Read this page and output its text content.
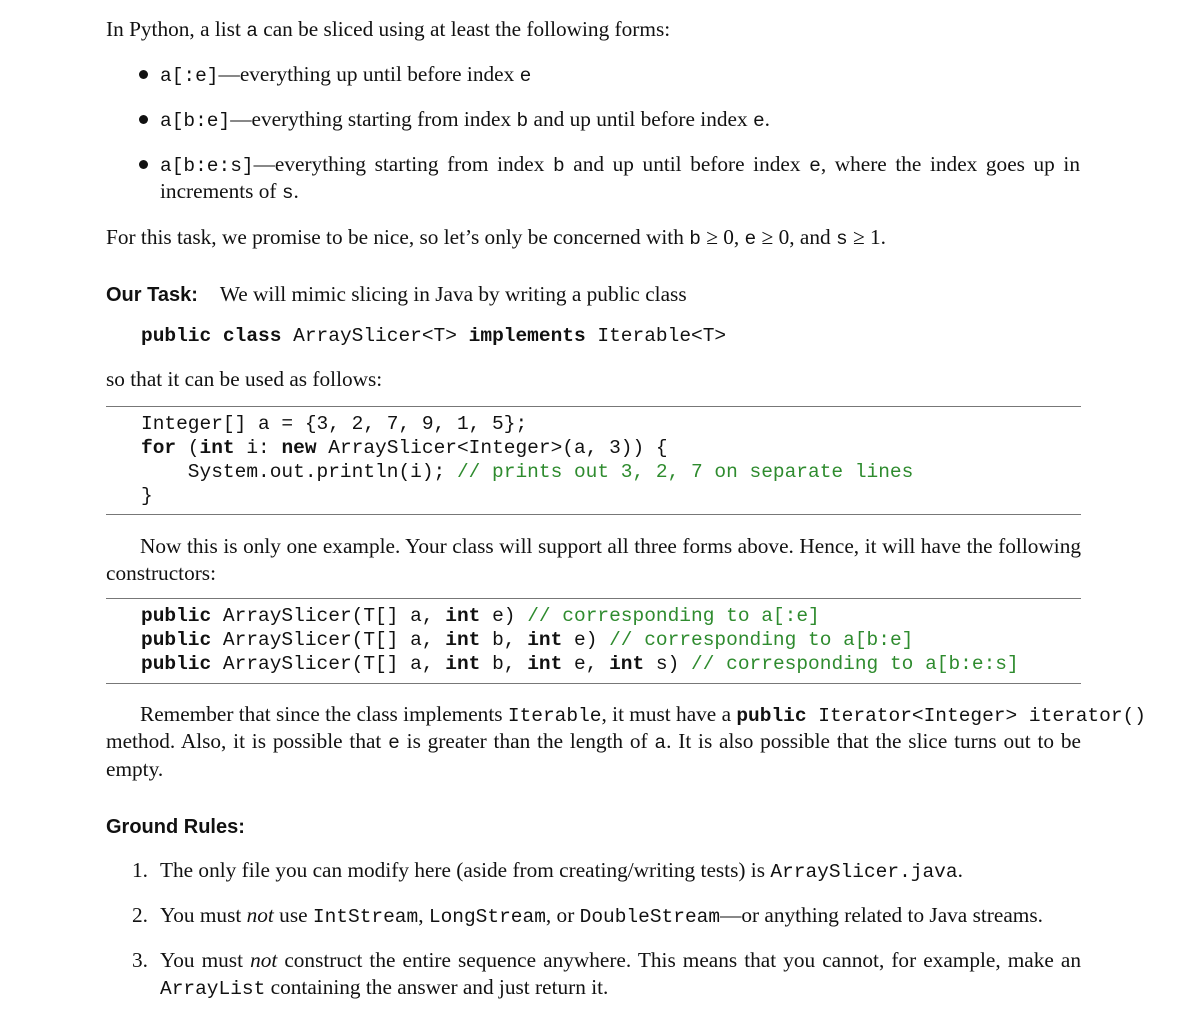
In Python, a list a can be sliced using at least the following forms:
a[:e]—everything up until before index e
a[b:e]—everything starting from index b and up until before index e.
a[b:e:s]—everything starting from index b and up until before index e, where the index goes up in
increments of s.
For this task, we promise to be nice, so let’s only be concerned with b ≥ 0, e ≥ 0, and s ≥ 1.
Our Task: We will mimic slicing in Java by writing a public class
public class ArraySlicer<T> implements Iterable<T>
so that it can be used as follows:
Integer[] a = {3, 2, 7, 9, 1, 5};
for (int i: new ArraySlicer<Integer>(a, 3)) {
System.out.println(i); // prints out 3, 2, 7 on separate lines
}
Now this is only one example. Your class will support all three forms above. Hence, it will have the following
constructors:
public ArraySlicer(T[] a, int e) // corresponding to a[:e]
public ArraySlicer(T[] a, int b, int e) // corresponding to a[b:e]
public ArraySlicer(T[] a, int b, int e, int s) // corresponding to a[b:e:s]
Remember that since the class implements Iterable, it must have a public Iterator<Integer> iterator()
method. Also, it is possible that e is greater than the length of a. It is also possible that the slice turns out to be
empty.
Ground Rules:
1. The only file you can modify here (aside from creating/writing tests) is ArraySlicer.java.
2. You must not use IntStream, LongStream, or DoubleStream—or anything related to Java streams.
3. You must not construct the entire sequence anywhere. This means that you cannot, for example, make an
ArrayList containing the answer and just return it.
